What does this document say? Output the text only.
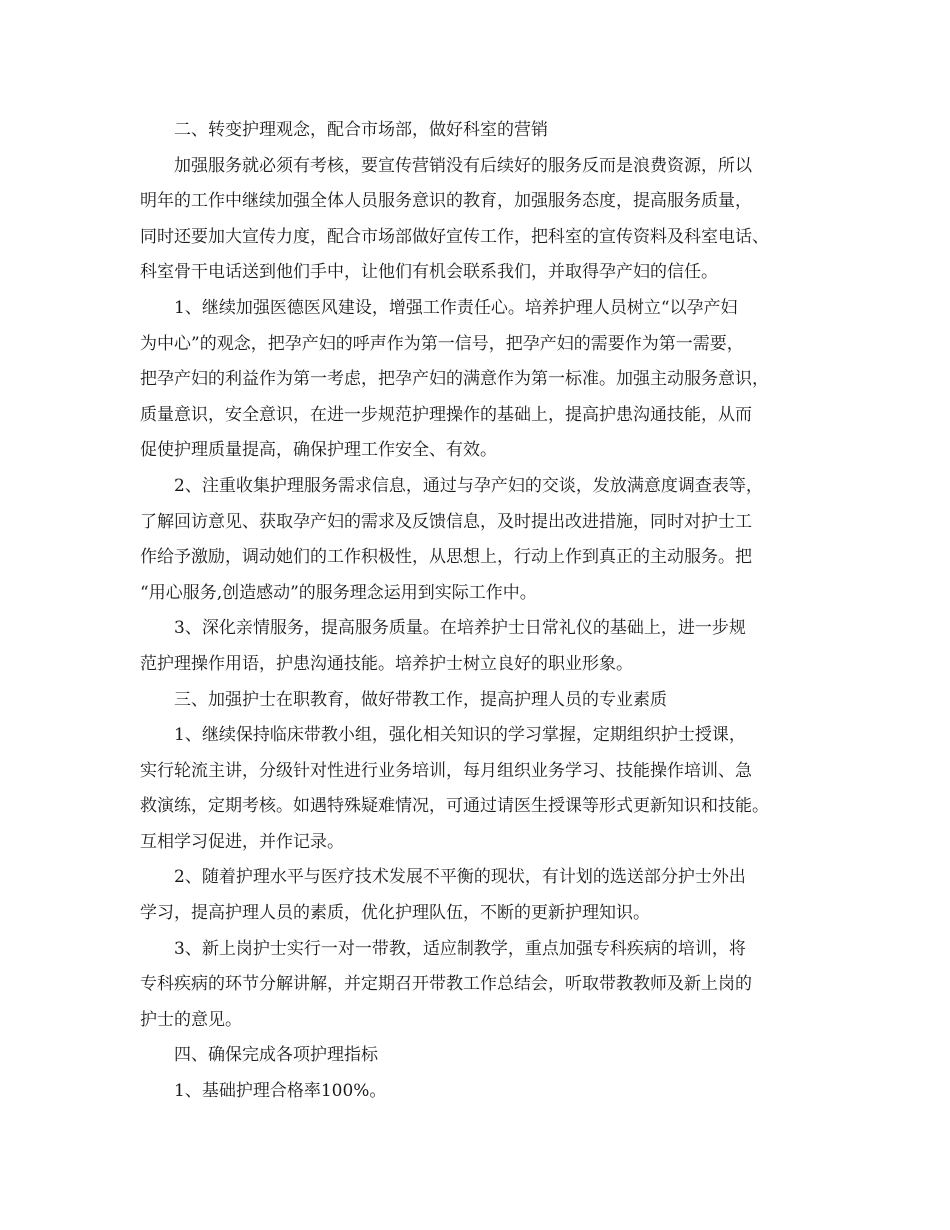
二、转变护理观念，配合市场部，做好科室的营销
加强服务就必须有考核，要宣传营销没有后续好的服务反而是浪费资源，所以
明年的工作中继续加强全体人员服务意识的教育，加强服务态度，提高服务质量，
同时还要加大宣传力度，配合市场部做好宣传工作，把科室的宣传资料及科室电话、
科室骨干电话送到他们手中，让他们有机会联系我们，并取得孕产妇的信任。
1、继续加强医德医风建设，增强工作责任心。培养护理人员树立“以孕产妇
为中心”的观念，把孕产妇的呼声作为第一信号，把孕产妇的需要作为第一需要，
把孕产妇的利益作为第一考虑，把孕产妇的满意作为第一标准。加强主动服务意识，
质量意识，安全意识，在进一步规范护理操作的基础上，提高护患沟通技能，从而
促使护理质量提高，确保护理工作安全、有效。
2、注重收集护理服务需求信息，通过与孕产妇的交谈，发放满意度调查表等，
了解回访意见、获取孕产妇的需求及反馈信息，及时提出改进措施，同时对护士工
作给予激励，调动她们的工作积极性，从思想上，行动上作到真正的主动服务。把
“用心服务,创造感动”的服务理念运用到实际工作中。
3、深化亲情服务，提高服务质量。在培养护士日常礼仪的基础上，进一步规
范护理操作用语，护患沟通技能。培养护士树立良好的职业形象。
三、加强护士在职教育，做好带教工作，提高护理人员的专业素质
1、继续保持临床带教小组，强化相关知识的学习掌握，定期组织护士授课，
实行轮流主讲，分级针对性进行业务培训，每月组织业务学习、技能操作培训、急
救演练，定期考核。如遇特殊疑难情况，可通过请医生授课等形式更新知识和技能。
互相学习促进，并作记录。
2、随着护理水平与医疗技术发展不平衡的现状，有计划的选送部分护士外出
学习，提高护理人员的素质，优化护理队伍，不断的更新护理知识。
3、新上岗护士实行一对一带教，适应制教学，重点加强专科疾病的培训，将
专科疾病的环节分解讲解，并定期召开带教工作总结会，听取带教教师及新上岗的
护士的意见。
四、确保完成各项护理指标
1、基础护理合格率100%。
